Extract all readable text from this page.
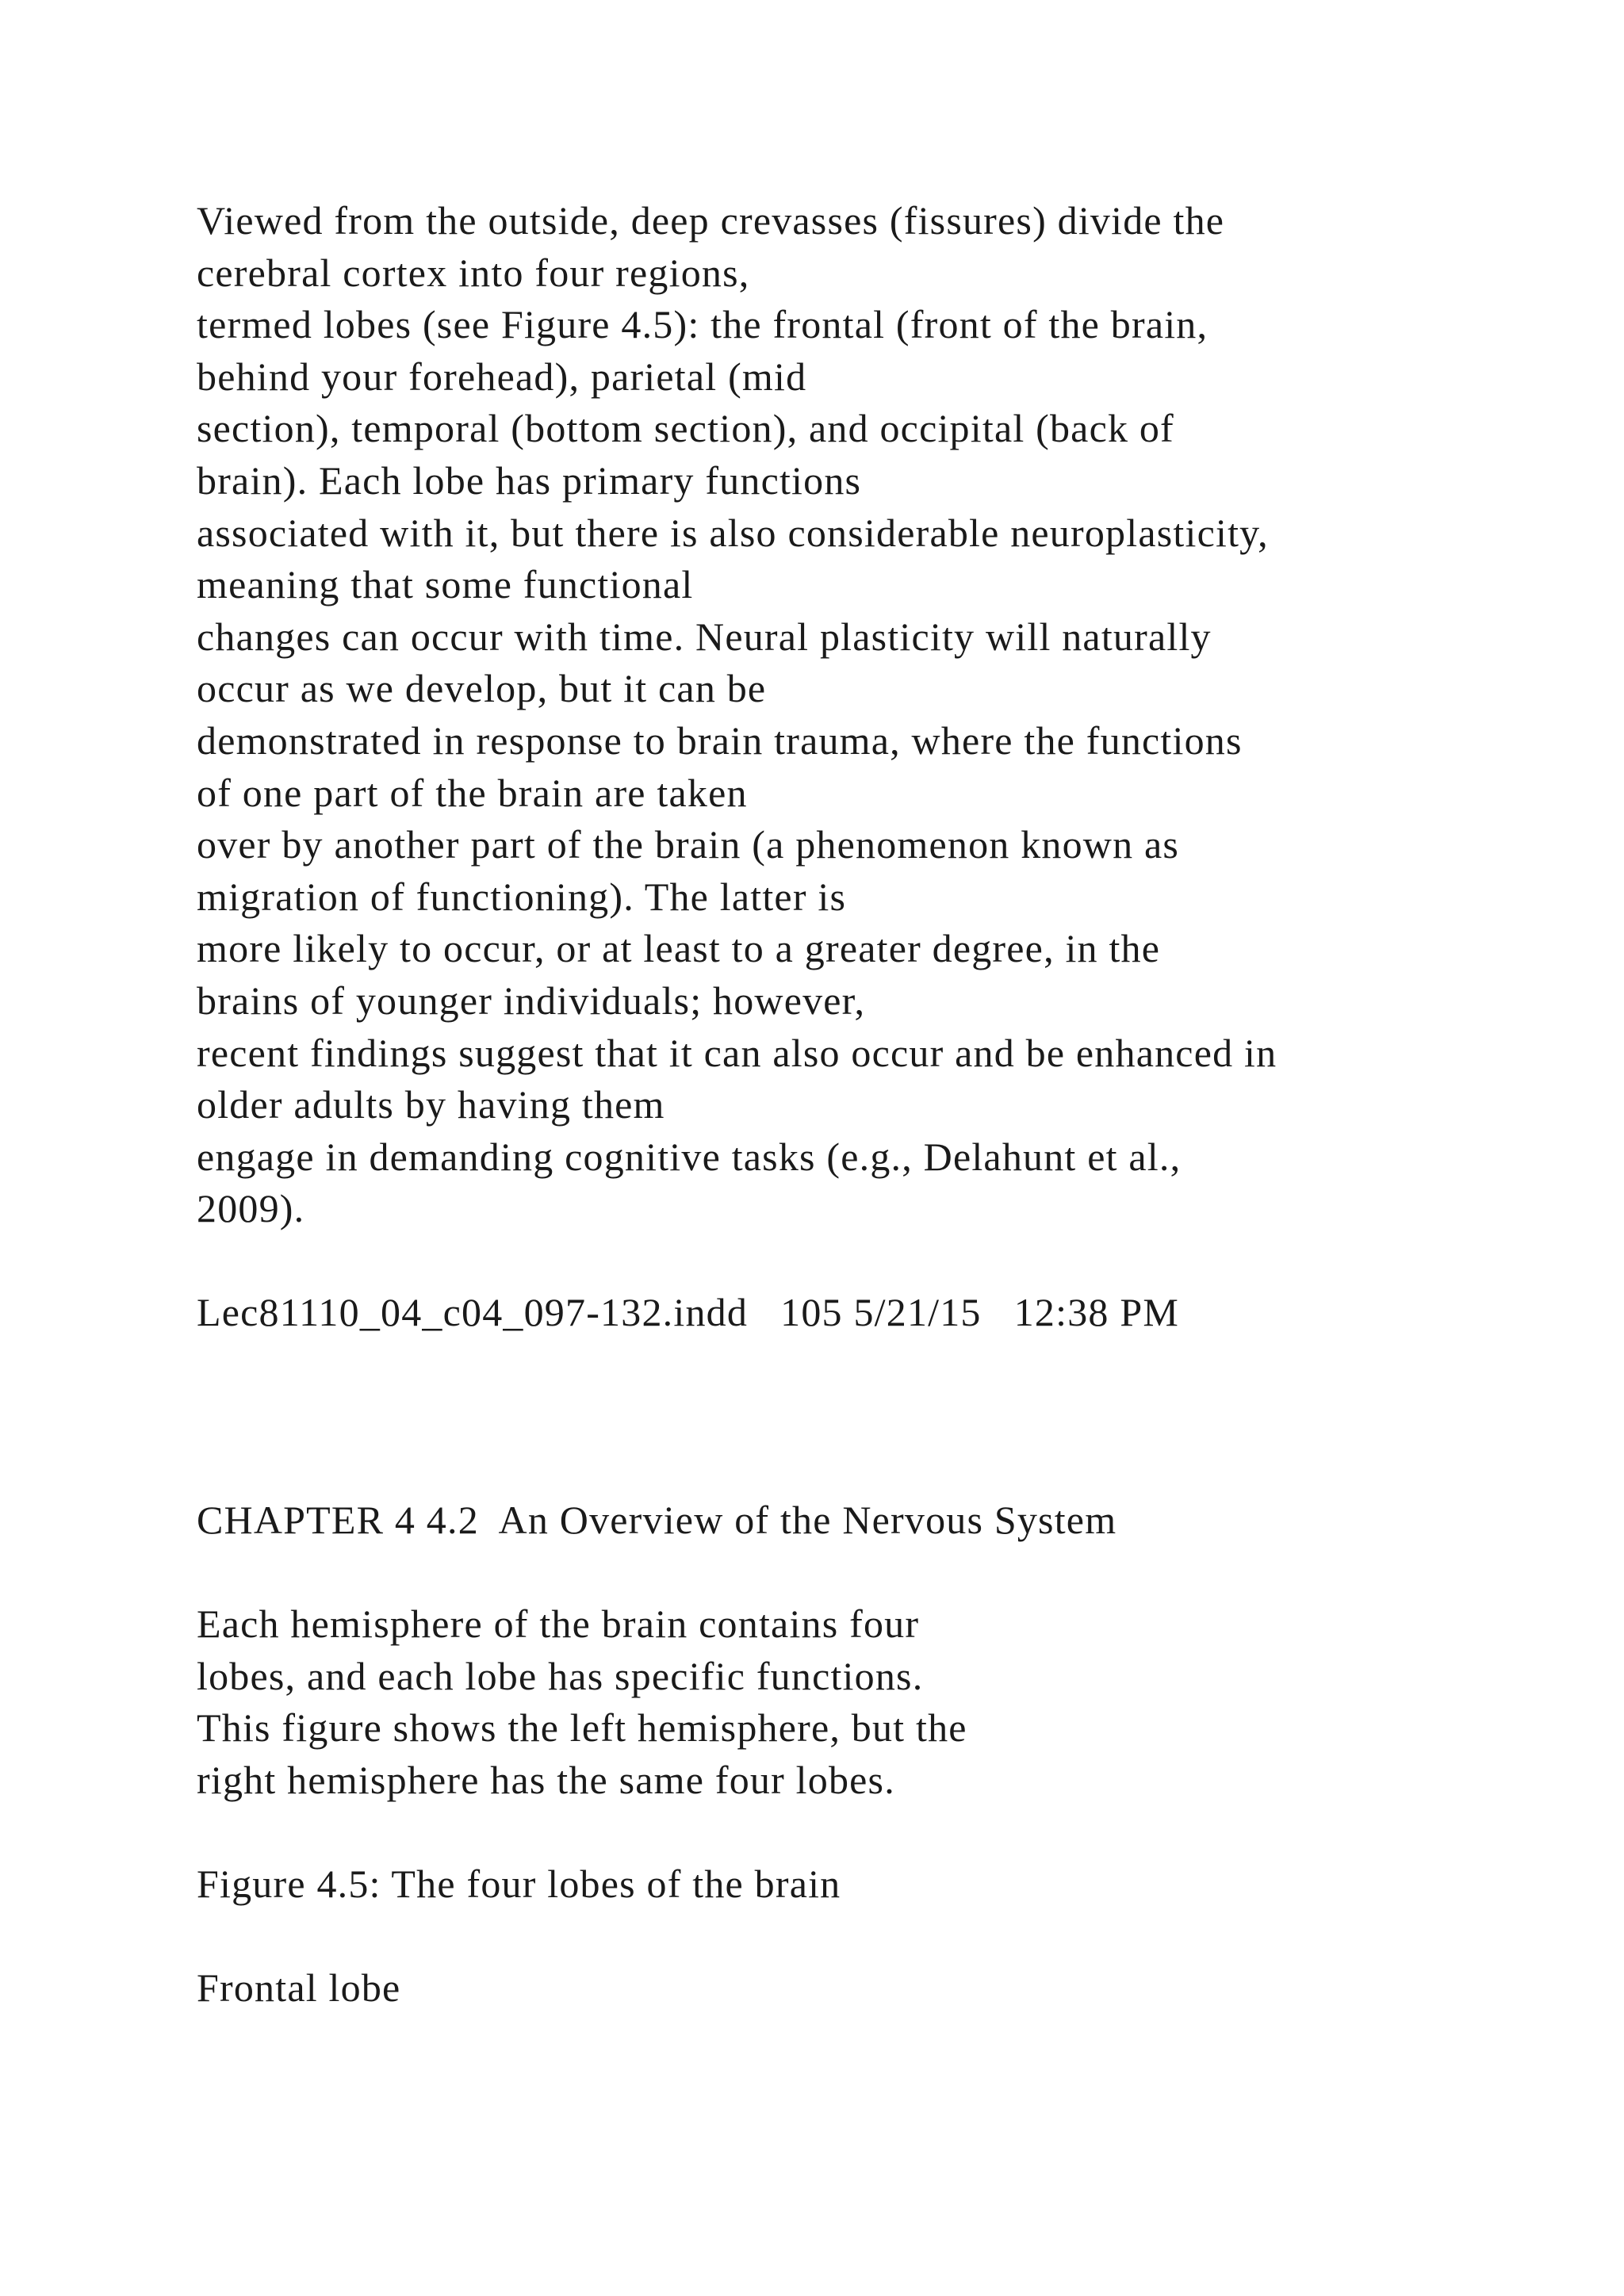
Viewed from the outside, deep crevasses (fissures) divide the
cerebral cortex into four regions,
termed lobes (see Figure 4.5): the frontal (front of the brain,
behind your forehead), parietal (mid
section), temporal (bottom section), and occipital (back of
brain). Each lobe has primary functions
associated with it, but there is also considerable neuroplasticity,
meaning that some functional
changes can occur with time. Neural plasticity will naturally
occur as we develop, but it can be
demonstrated in response to brain trauma, where the functions
of one part of the brain are taken
over by another part of the brain (a phenomenon known as
migration of functioning). The latter is
more likely to occur, or at least to a greater degree, in the
brains of younger individuals; however,
recent findings suggest that it can also occur and be enhanced in
older adults by having them
engage in demanding cognitive tasks (e.g., Delahunt et al.,
2009).

Lec81110_04_c04_097-132.indd   105 5/21/15   12:38 PM

CHAPTER 4 4.2  An Overview of the Nervous System

Each hemisphere of the brain contains four
lobes, and each lobe has specific functions.
This figure shows the left hemisphere, but the
right hemisphere has the same four lobes.

Figure 4.5: The four lobes of the brain

Frontal lobe
